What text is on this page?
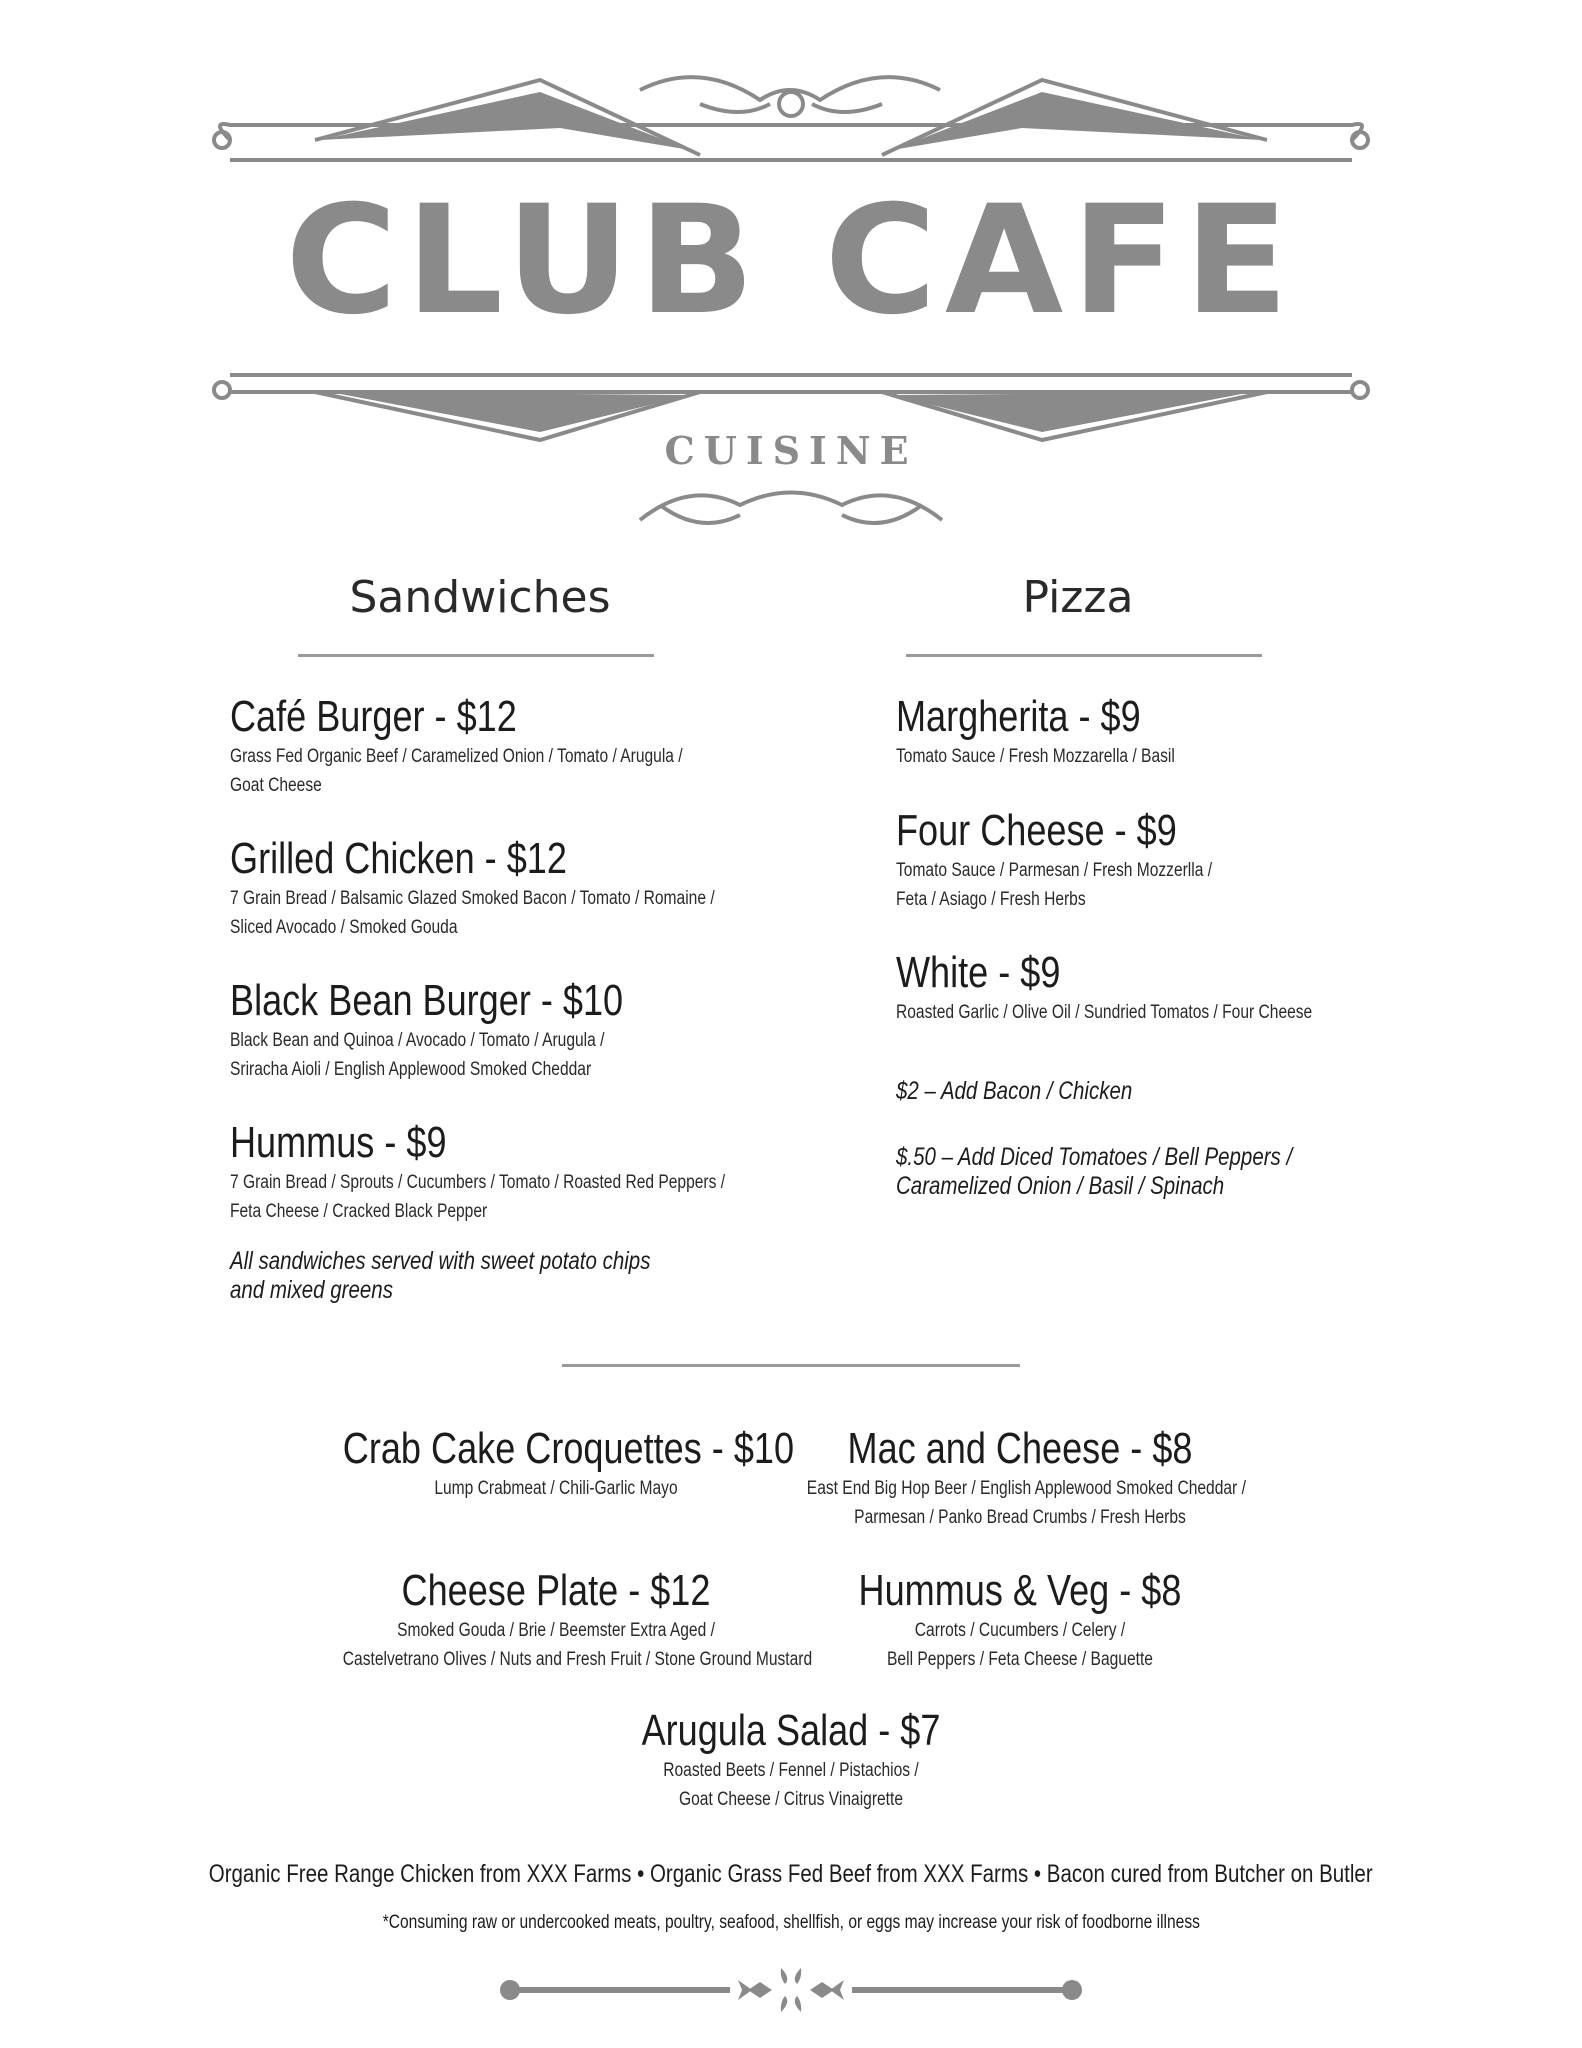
CLUB CAFE
CUISINE
Sandwiches
Café Burger - $12
Grass Fed Organic Beef / Caramelized Onion / Tomato / Arugula /
Goat Cheese
Grilled Chicken - $12
7 Grain Bread / Balsamic Glazed Smoked Bacon / Tomato / Romaine /
Sliced Avocado / Smoked Gouda
Black Bean Burger - $10
Black Bean and Quinoa / Avocado / Tomato / Arugula /
Sriracha Aioli / English Applewood Smoked Cheddar
Hummus - $9
7 Grain Bread / Sprouts / Cucumbers / Tomato / Roasted Red Peppers /
Feta Cheese / Cracked Black Pepper
All sandwiches served with sweet potato chips
and mixed greens
Pizza
Margherita - $9
Tomato Sauce / Fresh Mozzarella / Basil
Four Cheese - $9
Tomato Sauce / Parmesan / Fresh Mozzerlla /
Feta / Asiago / Fresh Herbs
White - $9
Roasted Garlic / Olive Oil / Sundried Tomatos / Four Cheese
$2 – Add Bacon / Chicken
$.50 – Add Diced Tomatoes / Bell Peppers /
Caramelized Onion / Basil / Spinach
Crab Cake Croquettes - $10
Lump Crabmeat / Chili-Garlic Mayo
Mac and Cheese - $8
East End Big Hop Beer / English Applewood Smoked Cheddar /
Parmesan / Panko Bread Crumbs / Fresh Herbs
Cheese Plate - $12
Smoked Gouda / Brie / Beemster Extra Aged /
Castelvetrano Olives / Nuts and Fresh Fruit / Stone Ground Mustard
Hummus & Veg - $8
Carrots / Cucumbers / Celery /
Bell Peppers / Feta Cheese / Baguette
Arugula Salad - $7
Roasted Beets / Fennel / Pistachios /
Goat Cheese / Citrus Vinaigrette
Organic Free Range Chicken from XXX Farms • Organic Grass Fed Beef from XXX Farms • Bacon cured from Butcher on Butler
*Consuming raw or undercooked meats, poultry, seafood, shellfish, or eggs may increase your risk of foodborne illness
